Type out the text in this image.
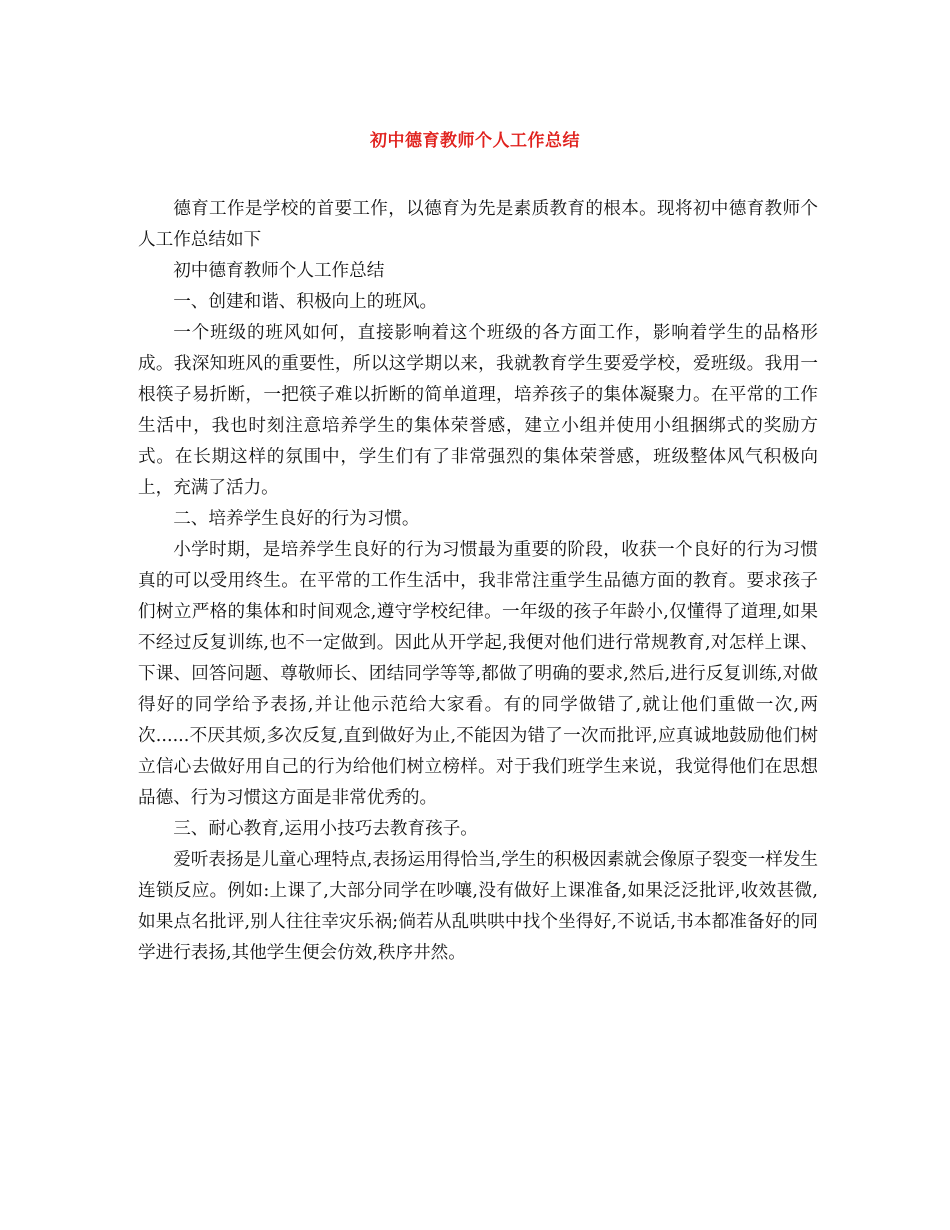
初中德育教师个人工作总结

德育工作是学校的首要工作，以德育为先是素质教育的根本。现将初中德育教师个人工作总结如下

初中德育教师个人工作总结

一、创建和谐、积极向上的班风。

一个班级的班风如何，直接影响着这个班级的各方面工作，影响着学生的品格形成。我深知班风的重要性，所以这学期以来，我就教育学生要爱学校，爱班级。我用一根筷子易折断，一把筷子难以折断的简单道理，培养孩子的集体凝聚力。在平常的工作生活中，我也时刻注意培养学生的集体荣誉感，建立小组并使用小组捆绑式的奖励方式。在长期这样的氛围中，学生们有了非常强烈的集体荣誉感，班级整体风气积极向上，充满了活力。

二、培养学生良好的行为习惯。

小学时期，是培养学生良好的行为习惯最为重要的阶段，收获一个良好的行为习惯真的可以受用终生。在平常的工作生活中，我非常注重学生品德方面的教育。要求孩子们树立严格的集体和时间观念,遵守学校纪律。一年级的孩子年龄小,仅懂得了道理,如果不经过反复训练,也不一定做到。因此从开学起,我便对他们进行常规教育,对怎样上课、下课、回答问题、尊敬师长、团结同学等等,都做了明确的要求,然后,进行反复训练,对做得好的同学给予表扬,并让他示范给大家看。有的同学做错了,就让他们重做一次,两次......不厌其烦,多次反复,直到做好为止,不能因为错了一次而批评,应真诚地鼓励他们树立信心去做好用自己的行为给他们树立榜样。对于我们班学生来说，我觉得他们在思想品德、行为习惯这方面是非常优秀的。

三、耐心教育,运用小技巧去教育孩子。

爱听表扬是儿童心理特点,表扬运用得恰当,学生的积极因素就会像原子裂变一样发生连锁反应。例如:上课了,大部分同学在吵嚷,没有做好上课准备,如果泛泛批评,收效甚微,如果点名批评,别人往往幸灾乐祸;倘若从乱哄哄中找个坐得好,不说话,书本都准备好的同学进行表扬,其他学生便会仿效,秩序井然。
